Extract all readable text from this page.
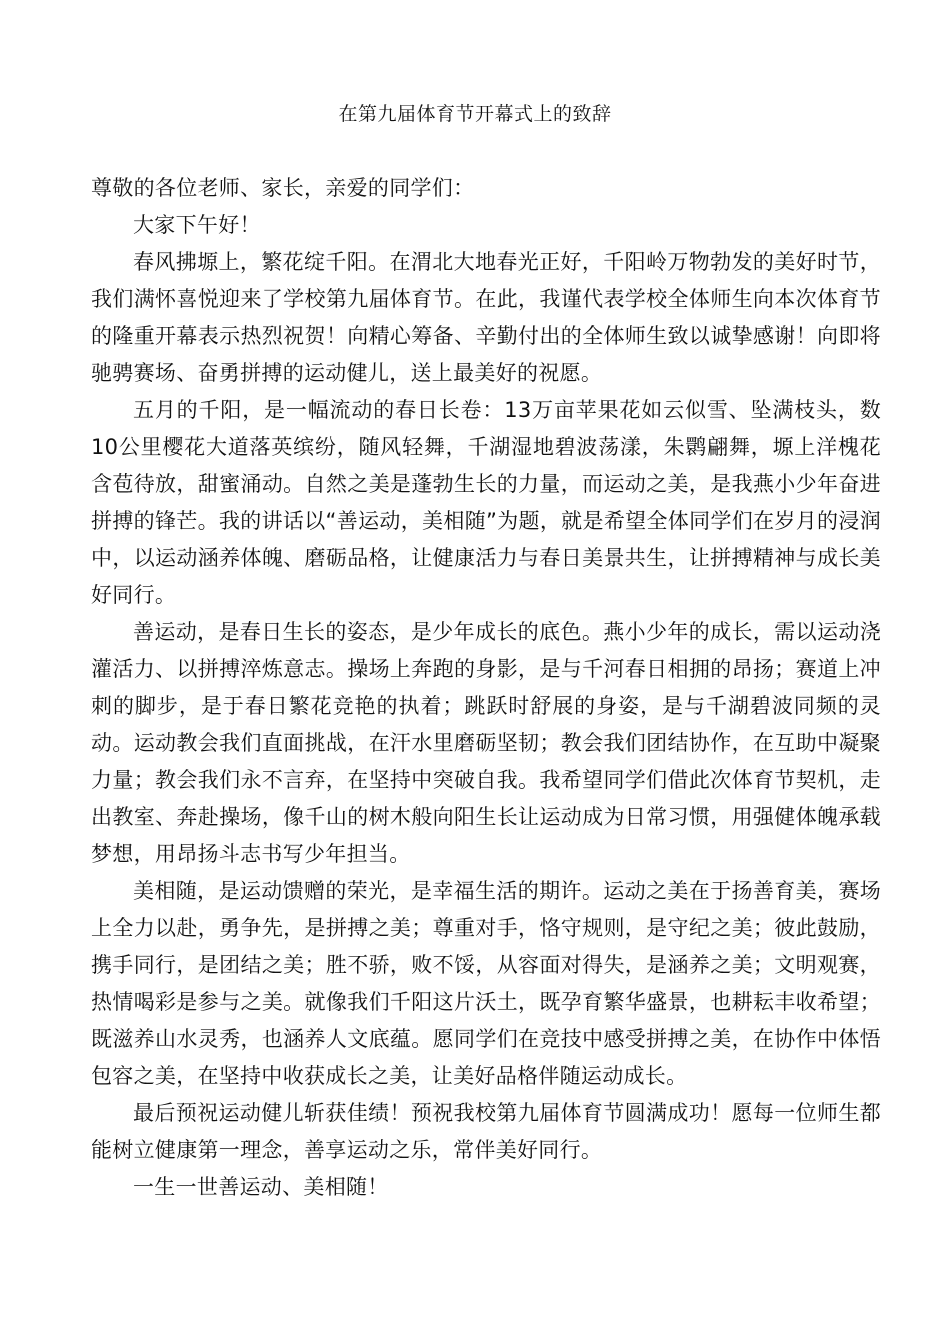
在第九届体育节开幕式上的致辞

尊敬的各位老师、家长，亲爱的同学们：

大家下午好！

春风拂塬上，繁花绽千阳。在渭北大地春光正好，千阳岭万物勃发的美好时节，我们满怀喜悦迎来了学校第九届体育节。在此，我谨代表学校全体师生向本次体育节的隆重开幕表示热烈祝贺！向精心筹备、辛勤付出的全体师生致以诚挚感谢！向即将驰骋赛场、奋勇拼搏的运动健儿，送上最美好的祝愿。

五月的千阳，是一幅流动的春日长卷：13万亩苹果花如云似雪、坠满枝头，数10公里樱花大道落英缤纷，随风轻舞，千湖湿地碧波荡漾，朱鹮翩舞，塬上洋槐花含苞待放，甜蜜涌动。自然之美是蓬勃生长的力量，而运动之美，是我燕小少年奋进拼搏的锋芒。我的讲话以“善运动，美相随”为题，就是希望全体同学们在岁月的浸润中，以运动涵养体魄、磨砺品格，让健康活力与春日美景共生，让拼搏精神与成长美好同行。

善运动，是春日生长的姿态，是少年成长的底色。燕小少年的成长，需以运动浇灌活力、以拼搏淬炼意志。操场上奔跑的身影，是与千河春日相拥的昂扬；赛道上冲刺的脚步，是于春日繁花竞艳的执着；跳跃时舒展的身姿，是与千湖碧波同频的灵动。运动教会我们直面挑战，在汗水里磨砺坚韧；教会我们团结协作，在互助中凝聚力量；教会我们永不言弃，在坚持中突破自我。我希望同学们借此次体育节契机，走出教室、奔赴操场，像千山的树木般向阳生长让运动成为日常习惯，用强健体魄承载梦想，用昂扬斗志书写少年担当。

美相随，是运动馈赠的荣光，是幸福生活的期许。运动之美在于扬善育美，赛场上全力以赴，勇争先，是拼搏之美；尊重对手，恪守规则，是守纪之美；彼此鼓励，携手同行，是团结之美；胜不骄，败不馁，从容面对得失，是涵养之美；文明观赛，热情喝彩是参与之美。就像我们千阳这片沃土，既孕育繁华盛景，也耕耘丰收希望；既滋养山水灵秀，也涵养人文底蕴。愿同学们在竞技中感受拼搏之美，在协作中体悟包容之美，在坚持中收获成长之美，让美好品格伴随运动成长。

最后预祝运动健儿斩获佳绩！预祝我校第九届体育节圆满成功！愿每一位师生都能树立健康第一理念，善享运动之乐，常伴美好同行。

一生一世善运动、美相随！
